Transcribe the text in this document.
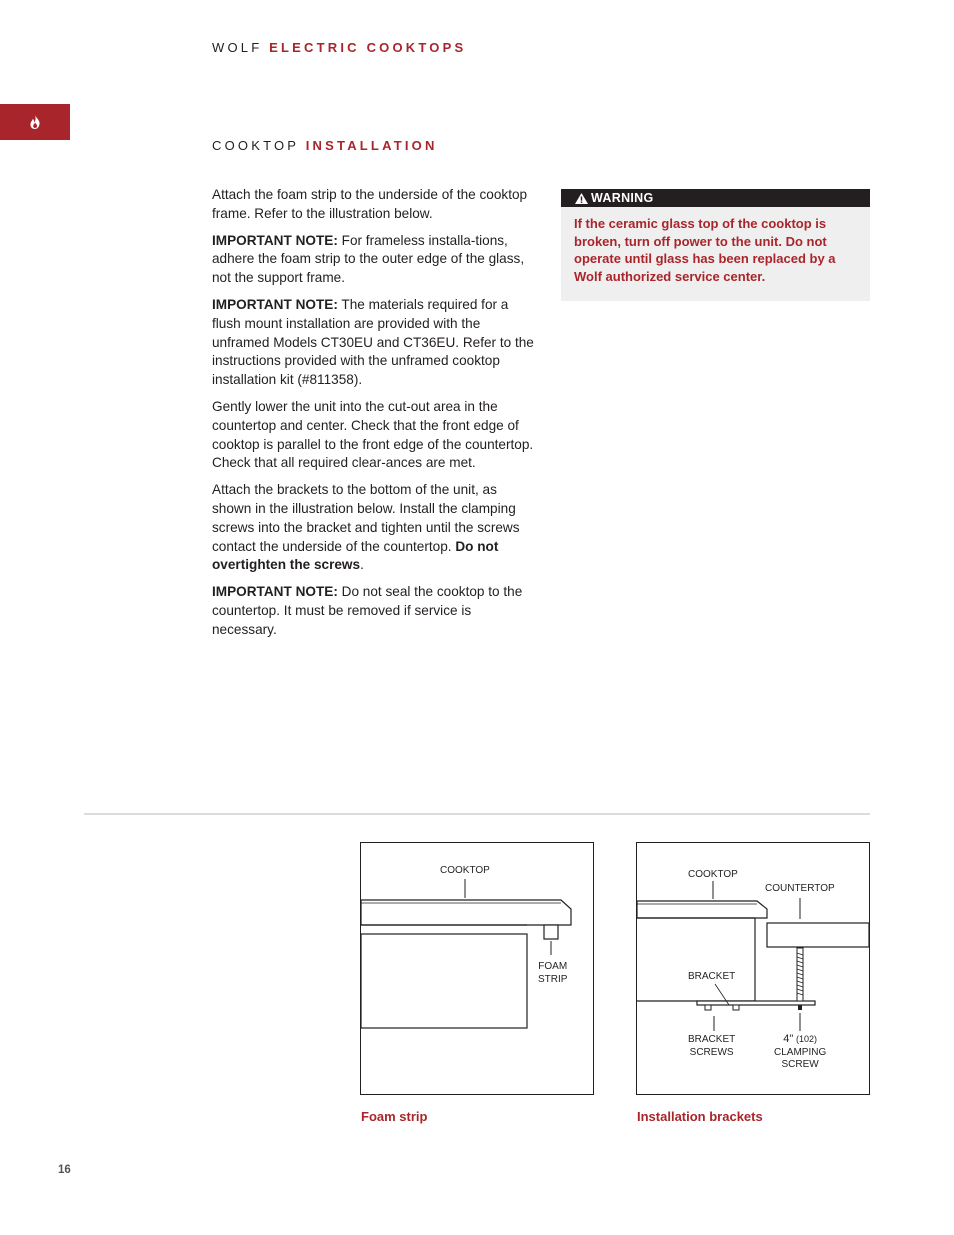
WOLF ELECTRIC COOKTOPS
COOKTOP INSTALLATION

Attach the foam strip to the underside of the cooktop frame. Refer to the illustration below.

IMPORTANT NOTE: For frameless installa-tions, adhere the foam strip to the outer edge of the glass, not the support frame.

IMPORTANT NOTE: The materials required for a flush mount installation are provided with the unframed Models CT30EU and CT36EU. Refer to the instructions provided with the unframed cooktop installation kit (#811358).

Gently lower the unit into the cut-out area in the countertop and center. Check that the front edge of cooktop is parallel to the front edge of the countertop. Check that all required clear-ances are met.

Attach the brackets to the bottom of the unit, as shown in the illustration below. Install the clamping screws into the bracket and tighten until the screws contact the underside of the countertop. Do not overtighten the screws.

IMPORTANT NOTE: Do not seal the cooktop to the countertop. It must be removed if service is necessary.

WARNING
If the ceramic glass top of the cooktop is broken, turn off power to the unit. Do not operate until glass has been replaced by a Wolf authorized service center.
COOKTOP
FOAM
STRIP
Foam strip
COOKTOP
COUNTERTOP
BRACKET
BRACKET
SCREWS
4" (102)
CLAMPING
SCREW
Installation brackets
16
